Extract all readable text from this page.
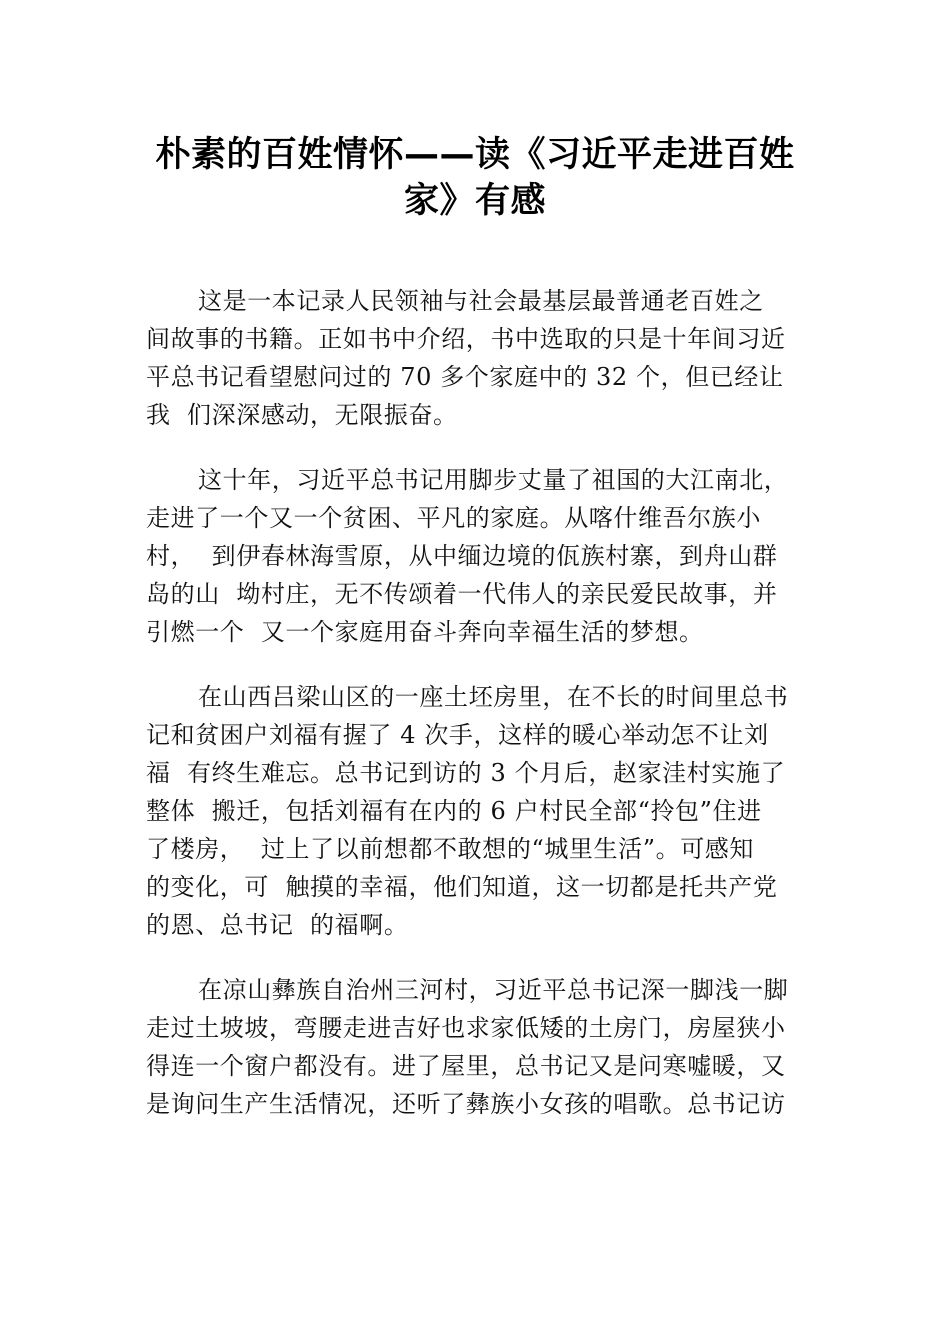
朴素的百姓情怀——读《习近平走进百姓
家》有感

这是一本记录人民领袖与社会最基层最普通老百姓之
间故事的书籍。正如书中介绍，书中选取的只是十年间习近
平总书记看望慰问过的 70 多个家庭中的 32 个，但已经让
我  们深深感动，无限振奋。

这十年，习近平总书记用脚步丈量了祖国的大江南北，
走进了一个又一个贫困、平凡的家庭。从喀什维吾尔族小
村，  到伊春林海雪原，从中缅边境的佤族村寨，到舟山群
岛的山  坳村庄，无不传颂着一代伟人的亲民爱民故事，并
引燃一个  又一个家庭用奋斗奔向幸福生活的梦想。

在山西吕梁山区的一座土坯房里，在不长的时间里总书
记和贫困户刘福有握了 4 次手，这样的暖心举动怎不让刘
福  有终生难忘。总书记到访的 3 个月后，赵家洼村实施了
整体  搬迁，包括刘福有在内的 6 户村民全部“拎包”住进
了楼房，  过上了以前想都不敢想的“城里生活”。可感知
的变化，可  触摸的幸福，他们知道，这一切都是托共产党
的恩、总书记  的福啊。

在凉山彝族自治州三河村，习近平总书记深一脚浅一脚
走过土坡坡，弯腰走进吉好也求家低矮的土房门，房屋狭小
得连一个窗户都没有。进了屋里，总书记又是问寒嘘暖，又
是询问生产生活情况，还听了彝族小女孩的唱歌。总书记访
